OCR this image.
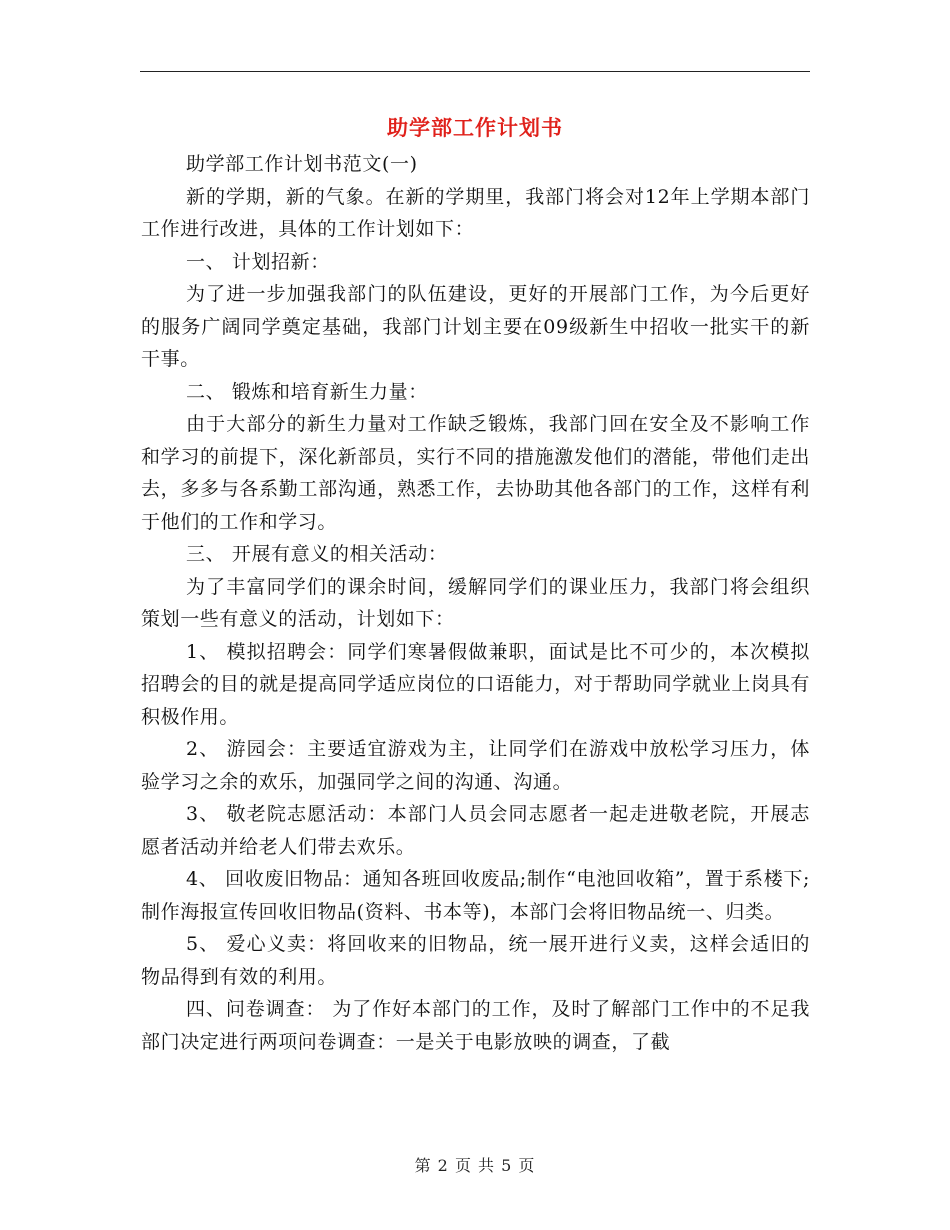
助学部工作计划书

助学部工作计划书范文(一)

新的学期，新的气象。在新的学期里，我部门将会对12年上学期本部门工作进行改进，具体的工作计划如下：

一、 计划招新：

为了进一步加强我部门的队伍建设，更好的开展部门工作，为今后更好的服务广阔同学奠定基础，我部门计划主要在09级新生中招收一批实干的新干事。

二、 锻炼和培育新生力量：

由于大部分的新生力量对工作缺乏锻炼，我部门回在安全及不影响工作和学习的前提下，深化新部员，实行不同的措施激发他们的潜能，带他们走出去，多多与各系勤工部沟通，熟悉工作，去协助其他各部门的工作，这样有利于他们的工作和学习。

三、 开展有意义的相关活动：

为了丰富同学们的课余时间，缓解同学们的课业压力，我部门将会组织策划一些有意义的活动，计划如下：

1、 模拟招聘会：同学们寒暑假做兼职，面试是比不可少的，本次模拟招聘会的目的就是提高同学适应岗位的口语能力，对于帮助同学就业上岗具有积极作用。

2、 游园会：主要适宜游戏为主，让同学们在游戏中放松学习压力，体验学习之余的欢乐，加强同学之间的沟通、沟通。

3、 敬老院志愿活动：本部门人员会同志愿者一起走进敬老院，开展志愿者活动并给老人们带去欢乐。

4、 回收废旧物品：通知各班回收废品;制作“电池回收箱”，置于系楼下;制作海报宣传回收旧物品(资料、书本等)，本部门会将旧物品统一、归类。

5、 爱心义卖：将回收来的旧物品，统一展开进行义卖，这样会适旧的物品得到有效的利用。

四、问卷调查： 为了作好本部门的工作，及时了解部门工作中的不足我部门决定进行两项问卷调查：一是关于电影放映的调查，了截

第 2 页 共 5 页
